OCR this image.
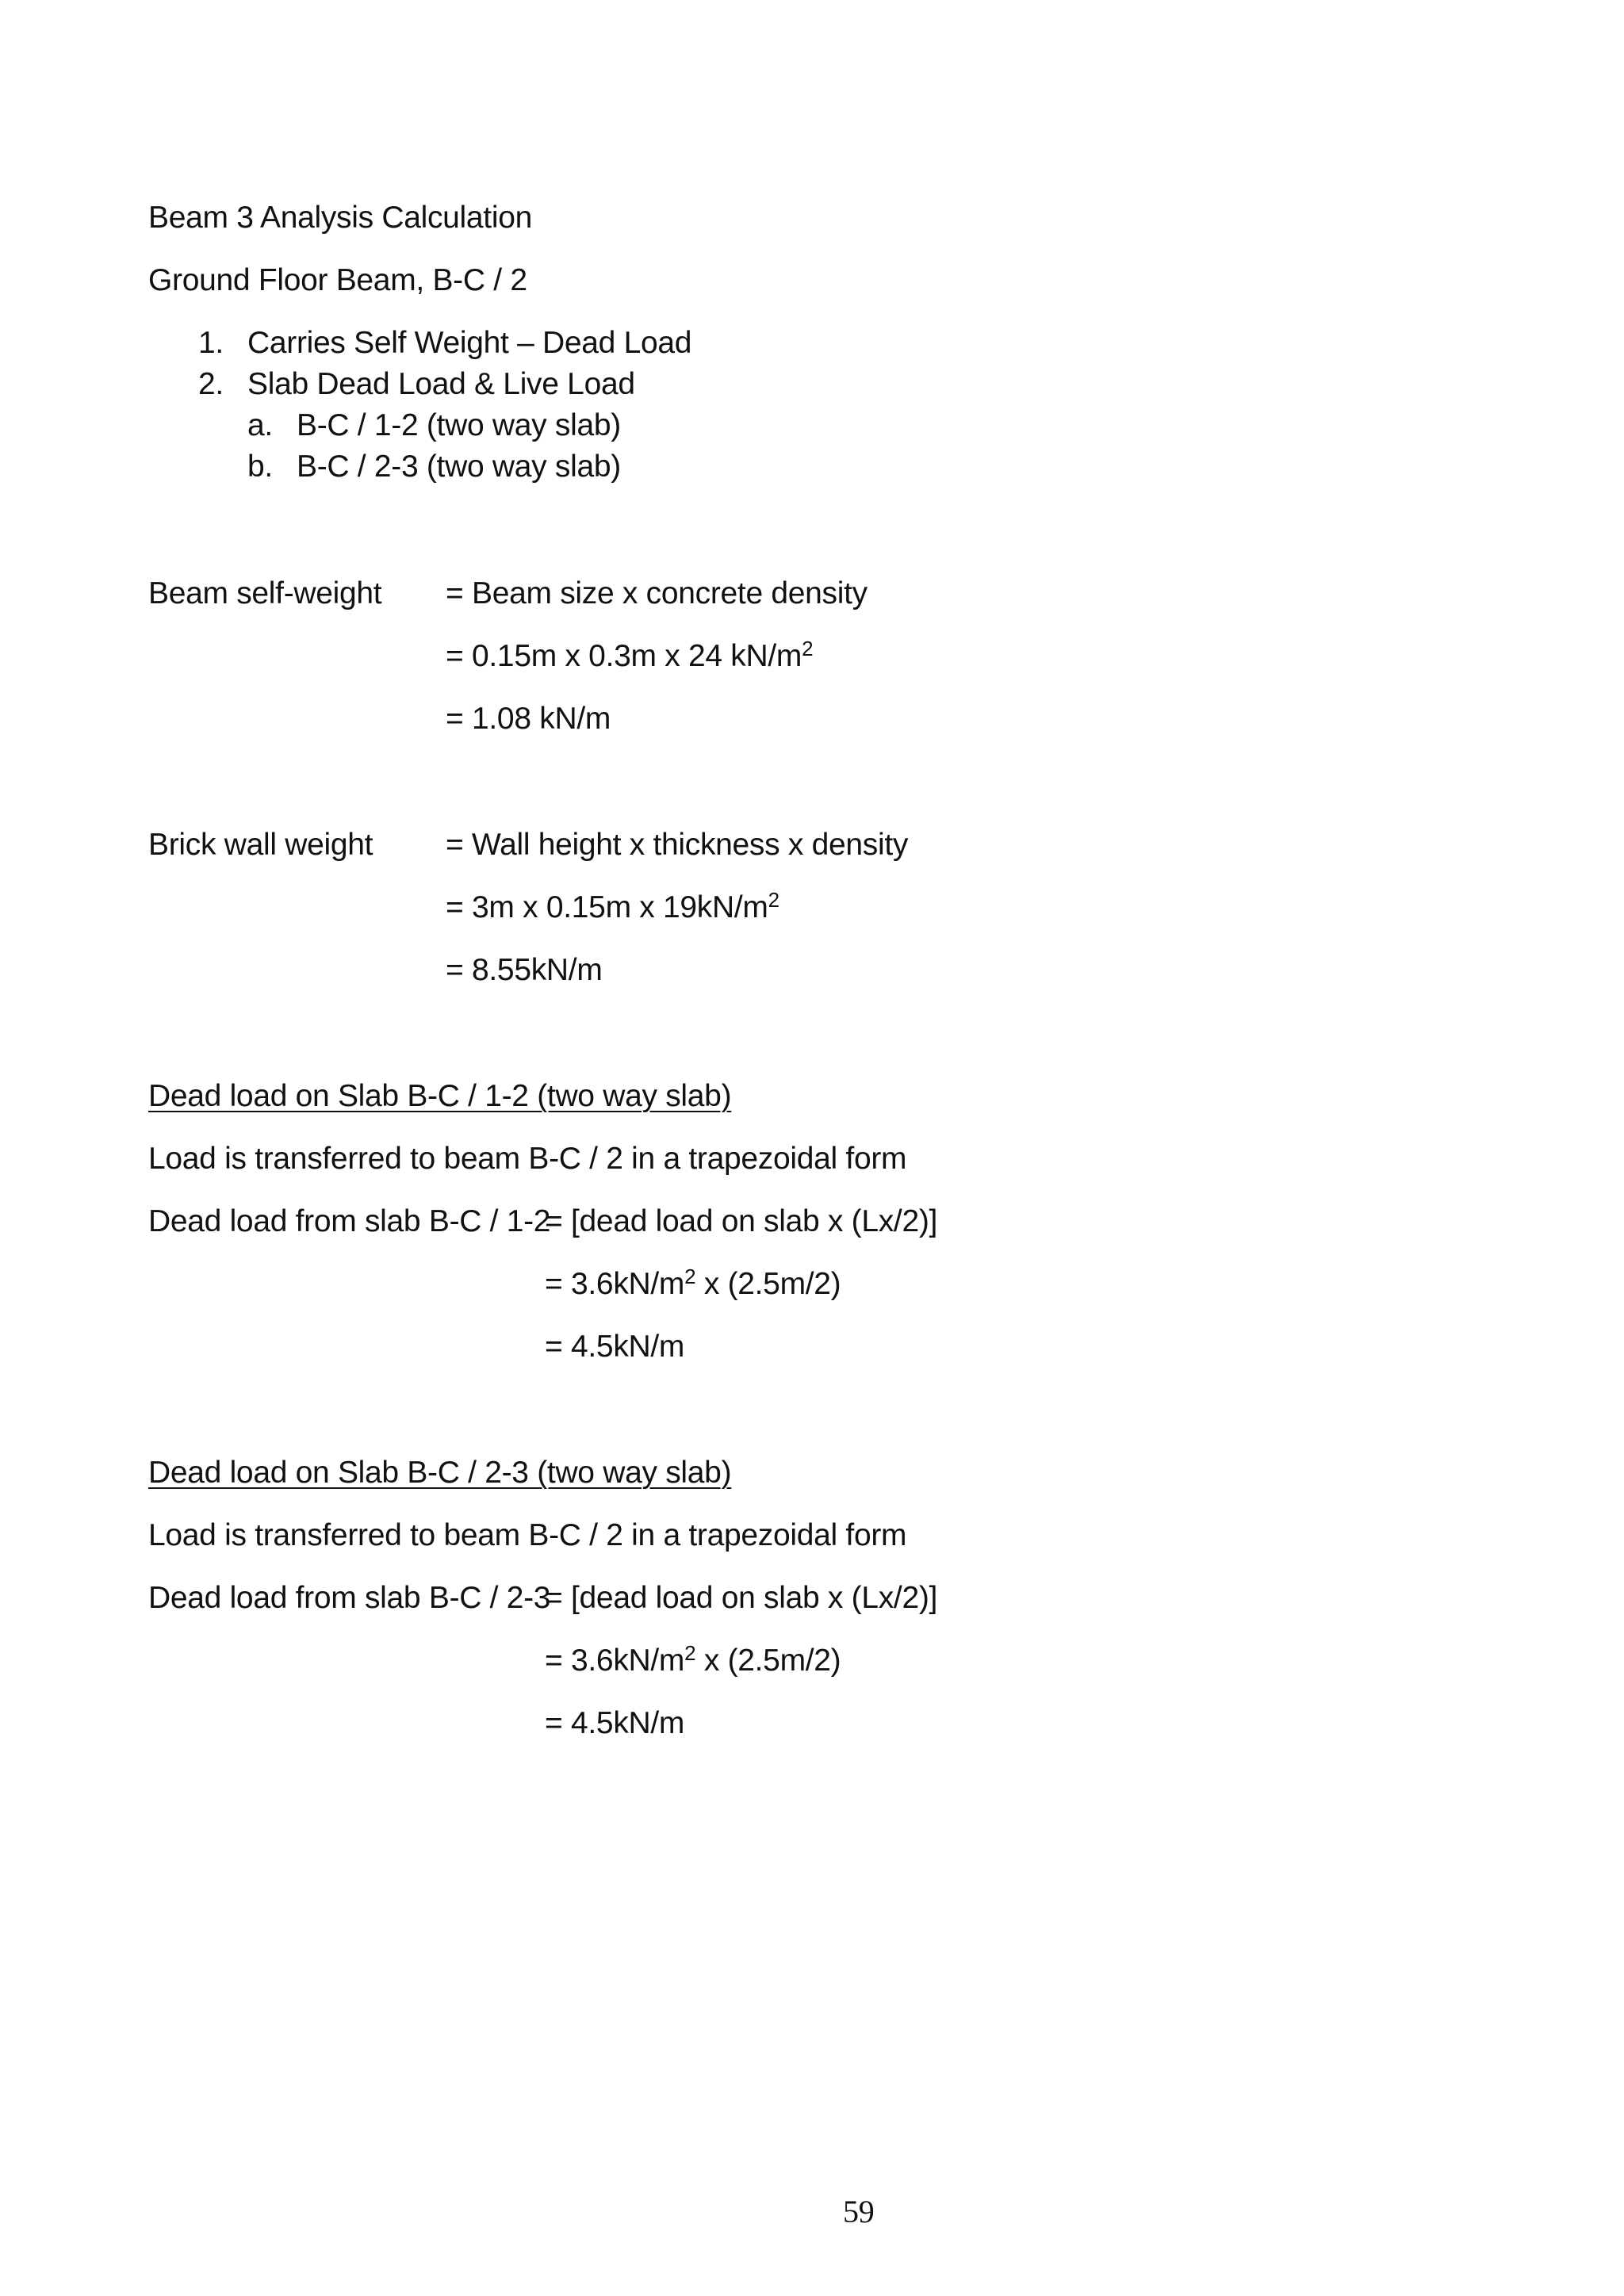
Beam 3 Analysis Calculation
Ground Floor Beam, B-C / 2
1. Carries Self Weight – Dead Load
2. Slab Dead Load & Live Load
a. B-C / 1-2 (two way slab)
b. B-C / 2-3 (two way slab)
Beam self-weight = Beam size x concrete density
= 0.15m x 0.3m x 24 $kN/m^2$
= 1.08 kN/m
Brick wall weight = Wall height x thickness x density
= 3m x 0.15m x $19kN/m^2$
= 8.55kN/m
Dead load on Slab B-C / 1-2 (two way slab)
Load is transferred to beam B-C / 2 in a trapezoidal form
Dead load from slab B-C / 1-2
= [dead load on slab x (Lx/2)]
= $3.6kN/m^2$ x (2.5m/2)
= 4.5kN/m
Dead load on Slab B-C / 2-3 (two way slab)
Load is transferred to beam B-C / 2 in a trapezoidal form
Dead load from slab B-C / 2-3
= [dead load on slab x (Lx/2)]
= $3.6kN/m^2$ x (2.5m/2)
= 4.5kN/m
59
